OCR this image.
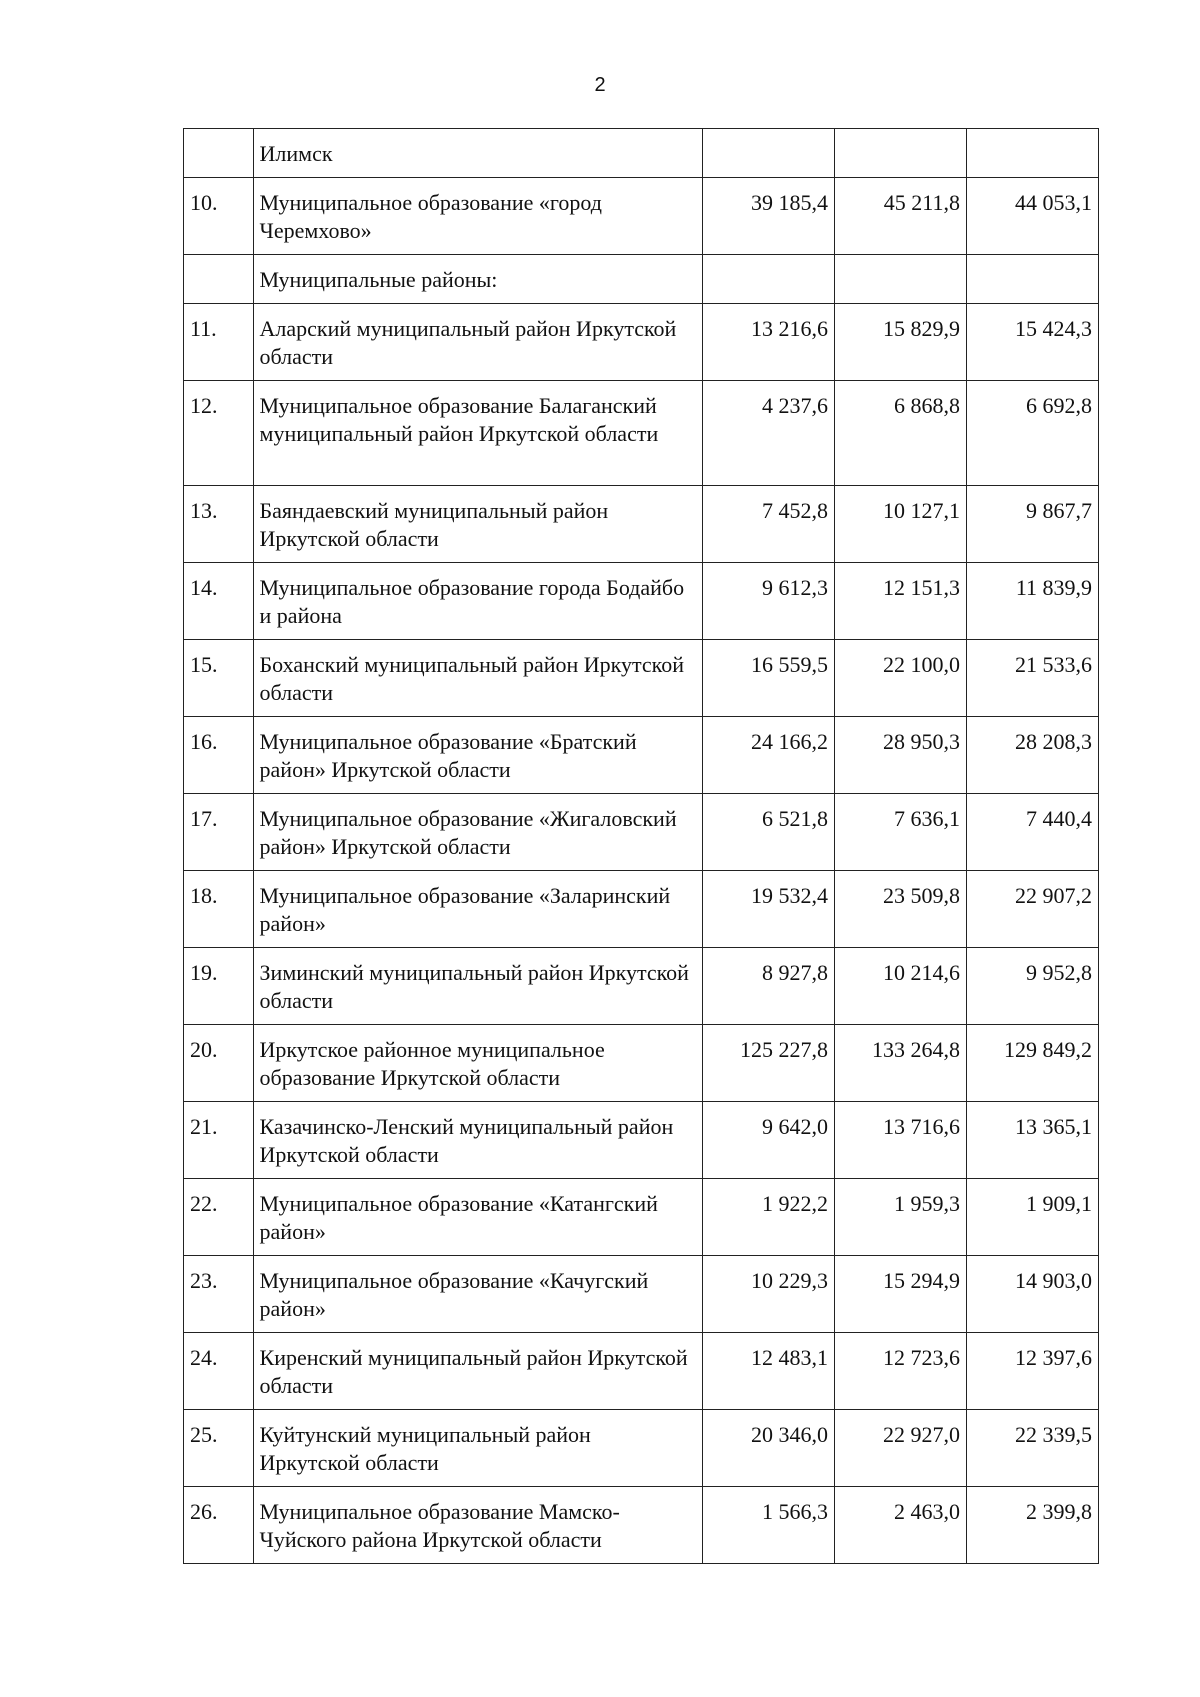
2
	Илимск			
10.	Муниципальное образование «город Черемхово»	39 185,4	45 211,8	44 053,1
	Муниципальные районы:			
11.	Аларский муниципальный район Иркутской области	13 216,6	15 829,9	15 424,3
12.	Муниципальное образование Балаганский муниципальный район Иркутской области	4 237,6	6 868,8	6 692,8
13.	Баяндаевский муниципальный район Иркутской области	7 452,8	10 127,1	9 867,7
14.	Муниципальное образование города Бодайбо и района	9 612,3	12 151,3	11 839,9
15.	Боханский муниципальный район Иркутской области	16 559,5	22 100,0	21 533,6
16.	Муниципальное образование «Братский район» Иркутской области	24 166,2	28 950,3	28 208,3
17.	Муниципальное образование «Жигаловский район» Иркутской области	6 521,8	7 636,1	7 440,4
18.	Муниципальное образование «Заларинский район»	19 532,4	23 509,8	22 907,2
19.	Зиминский муниципальный район Иркутской области	8 927,8	10 214,6	9 952,8
20.	Иркутское районное муниципальное образование Иркутской области	125 227,8	133 264,8	129 849,2
21.	Казачинско-Ленский муниципальный район Иркутской области	9 642,0	13 716,6	13 365,1
22.	Муниципальное образование «Катангский район»	1 922,2	1 959,3	1 909,1
23.	Муниципальное образование «Качугский район»	10 229,3	15 294,9	14 903,0
24.	Киренский муниципальный район Иркутской области	12 483,1	12 723,6	12 397,6
25.	Куйтунский муниципальный район Иркутской области	20 346,0	22 927,0	22 339,5
26.	Муниципальное образование Мамско-Чуйского района Иркутской области	1 566,3	2 463,0	2 399,8
